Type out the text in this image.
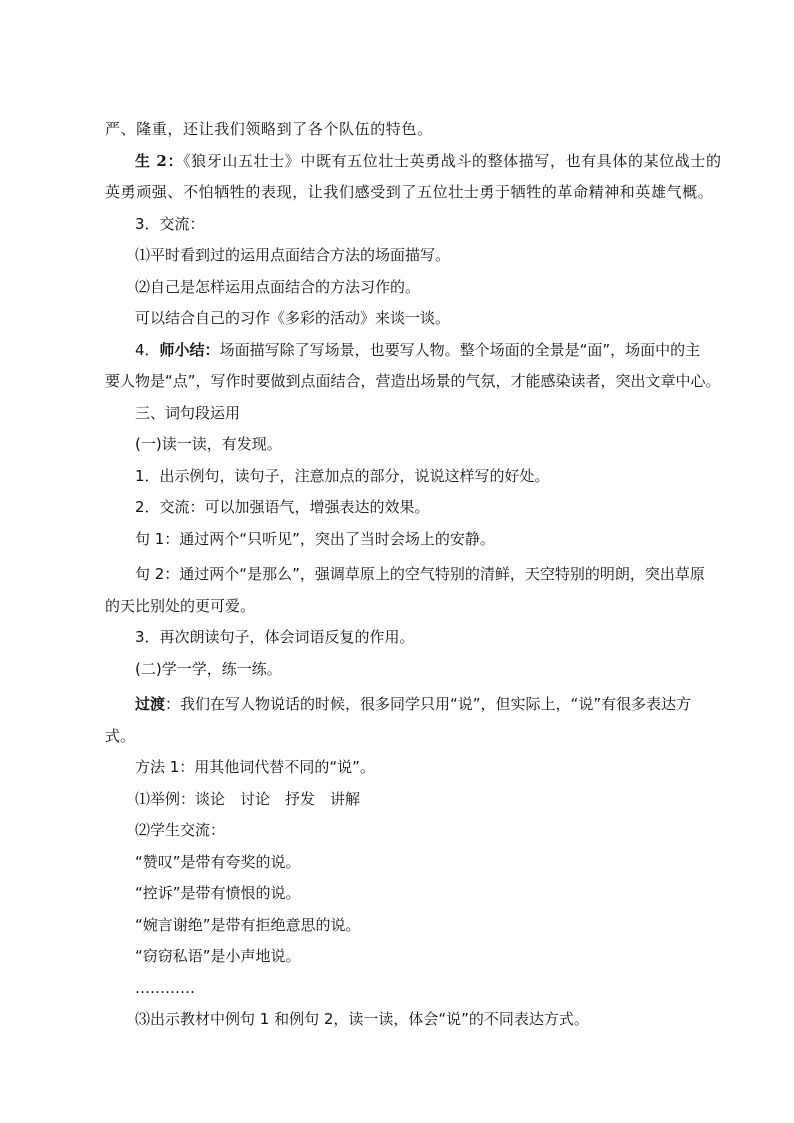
严、隆重，还让我们领略到了各个队伍的特色。

生 2：《狼牙山五壮士》中既有五位壮士英勇战斗的整体描写，也有具体的某位战士的

英勇顽强、不怕牺牲的表现，让我们感受到了五位壮士勇于牺牲的革命精神和英雄气概。

3．交流：

⑴平时看到过的运用点面结合方法的场面描写。

⑵自己是怎样运用点面结合的方法习作的。

可以结合自己的习作《多彩的活动》来谈一谈。

4．师小结：场面描写除了写场景，也要写人物。整个场面的全景是“面”，场面中的主

要人物是“点”，写作时要做到点面结合，营造出场景的气氛，才能感染读者，突出文章中心。

三、词句段运用

(一)读一读，有发现。

1．出示例句，读句子，注意加点的部分，说说这样写的好处。

2．交流：可以加强语气，增强表达的效果。

句 1：通过两个“只听见”，突出了当时会场上的安静。

句 2：通过两个“是那么”，强调草原上的空气特别的清鲜，天空特别的明朗，突出草原

的天比别处的更可爱。

3．再次朗读句子，体会词语反复的作用。

(二)学一学，练一练。

过渡：我们在写人物说话的时候，很多同学只用“说”，但实际上，“说”有很多表达方

式。

方法 1：用其他词代替不同的“说”。

⑴举例：谈论　讨论　抒发　讲解

⑵学生交流：

“赞叹”是带有夸奖的说。

“控诉”是带有愤恨的说。

“婉言谢绝”是带有拒绝意思的说。

“窃窃私语”是小声地说。

…………

⑶出示教材中例句 1 和例句 2，读一读，体会“说”的不同表达方式。
